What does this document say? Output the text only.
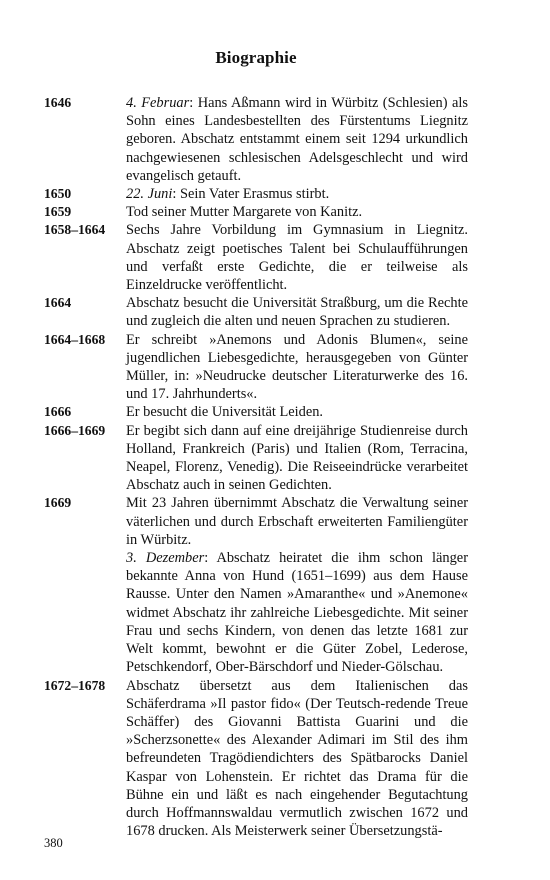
Biographie
1646	4. Februar: Hans Aßmann wird in Würbitz (Schlesien) als Sohn eines Landesbestellten des Fürstentums Liegnitz geboren. Abschatz entstammt einem seit 1294 urkundlich nachgewiesenen schlesischen Adelsgeschlecht und wird evangelisch getauft.

1650	22. Juni: Sein Vater Erasmus stirbt.

1659	Tod seiner Mutter Margarete von Kanitz.

1658–1664	Sechs Jahre Vorbildung im Gymnasium in Liegnitz. Abschatz zeigt poetisches Talent bei Schulaufführungen und verfaßt erste Gedichte, die er teilweise als Einzeldrucke veröffentlicht.

1664	Abschatz besucht die Universität Straßburg, um die Rechte und zugleich die alten und neuen Sprachen zu studieren.

1664–1668	Er schreibt »Anemons und Adonis Blumen«, seine jugendlichen Liebesgedichte, herausgegeben von Günter Müller, in: »Neudrucke deutscher Literaturwerke des 16. und 17. Jahrhunderts«.

1666	Er besucht die Universität Leiden.

1666–1669	Er begibt sich dann auf eine dreijährige Studienreise durch Holland, Frankreich (Paris) und Italien (Rom, Terracina, Neapel, Florenz, Venedig). Die Reiseeindrücke verarbeitet Abschatz auch in seinen Gedichten.

1669	Mit 23 Jahren übernimmt Abschatz die Verwaltung seiner väterlichen und durch Erbschaft erweiterten Familiengüter in Würbitz.

3. Dezember: Abschatz heiratet die ihm schon länger bekannte Anna von Hund (1651–1699) aus dem Hause Rausse. Unter den Namen »Amaranthe« und »Anemone« widmet Abschatz ihr zahlreiche Liebesgedichte. Mit seiner Frau und sechs Kindern, von denen das letzte 1681 zur Welt kommt, bewohnt er die Güter Zobel, Lederose, Petschkendorf, Ober-Bärschdorf und Nieder-Gölschau.

1672–1678	Abschatz übersetzt aus dem Italienischen das Schäferdrama »Il pastor fido« (Der Teutsch-redende Treue Schäffer) des Giovanni Battista Guarini und die »Scherzsonette« des Alexander Adimari im Stil des ihm befreundeten Tragödiendichters des Spätbarocks Daniel Kaspar von Lohenstein. Er richtet das Drama für die Bühne ein und läßt es nach eingehender Begutachtung durch Hoffmannswaldau vermutlich zwischen 1672 und 1678 drucken. Als Meisterwerk seiner Übersetzungstä-

380
